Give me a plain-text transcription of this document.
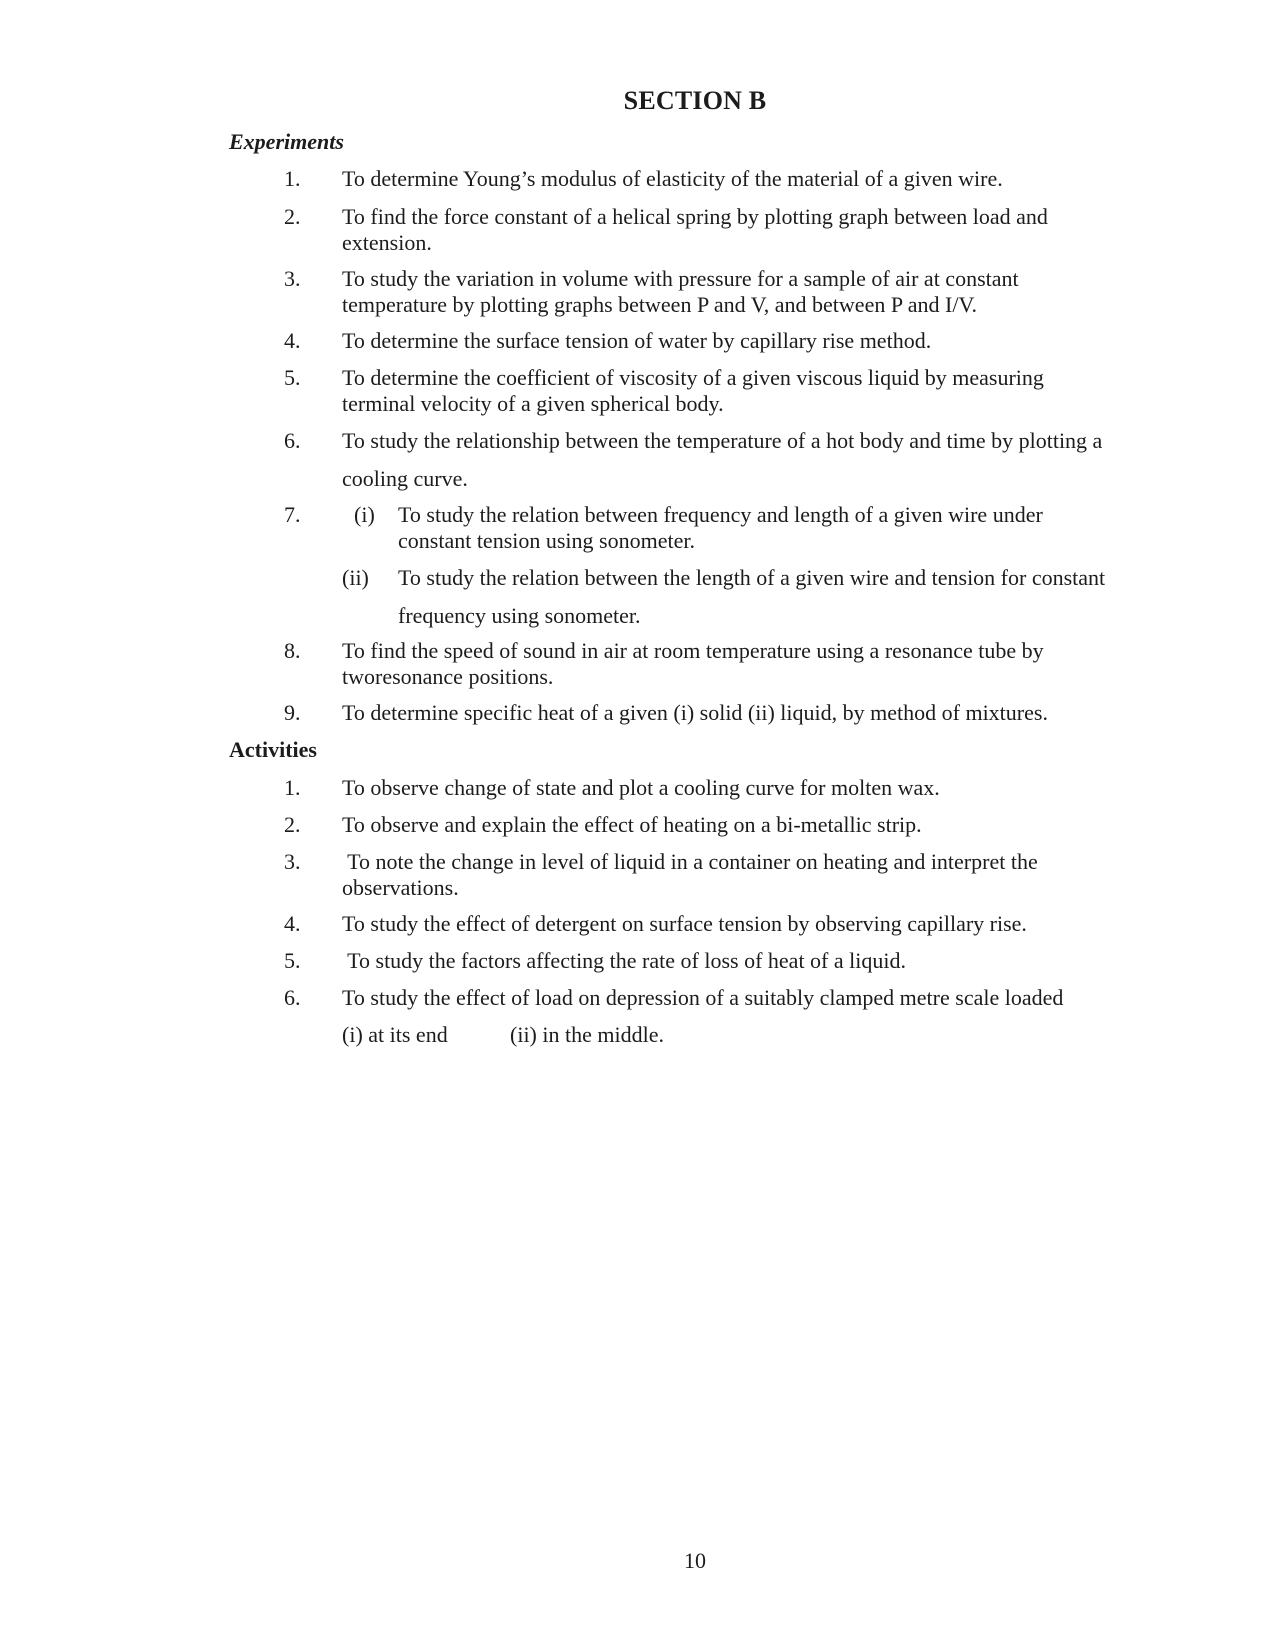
SECTION B
Experiments
1.	To determine Young’s modulus of elasticity of the material of a given wire.
2.	To find the force constant of a helical spring by plotting graph between load and
extension.
3.	To study the variation in volume with pressure for a sample of air at constant
temperature by plotting graphs between P and V, and between P and I/V.
4.	To determine the surface tension of water by capillary rise method.
5.	To determine the coefficient of viscosity of a given viscous liquid by measuring
terminal velocity of a given spherical body.
6.	To study the relationship between the temperature of a hot body and time by plotting a
cooling curve.
7.	(i) To study the relation between frequency and length of a given wire under
constant tension using sonometer.
(ii) To study the relation between the length of a given wire and tension for constant
frequency using sonometer.
8.	To find the speed of sound in air at room temperature using a resonance tube by
tworesonance positions.
9.	To determine specific heat of a given (i) solid (ii) liquid, by method of mixtures.
Activities
1.	To observe change of state and plot a cooling curve for molten wax.
2.	To observe and explain the effect of heating on a bi-metallic strip.
3.	To note the change in level of liquid in a container on heating and interpret the
observations.
4.	To study the effect of detergent on surface tension by observing capillary rise.
5.	To study the factors affecting the rate of loss of heat of a liquid.
6.	To study the effect of load on depression of a suitably clamped metre scale loaded
(i) at its end	(ii) in the middle.
10
